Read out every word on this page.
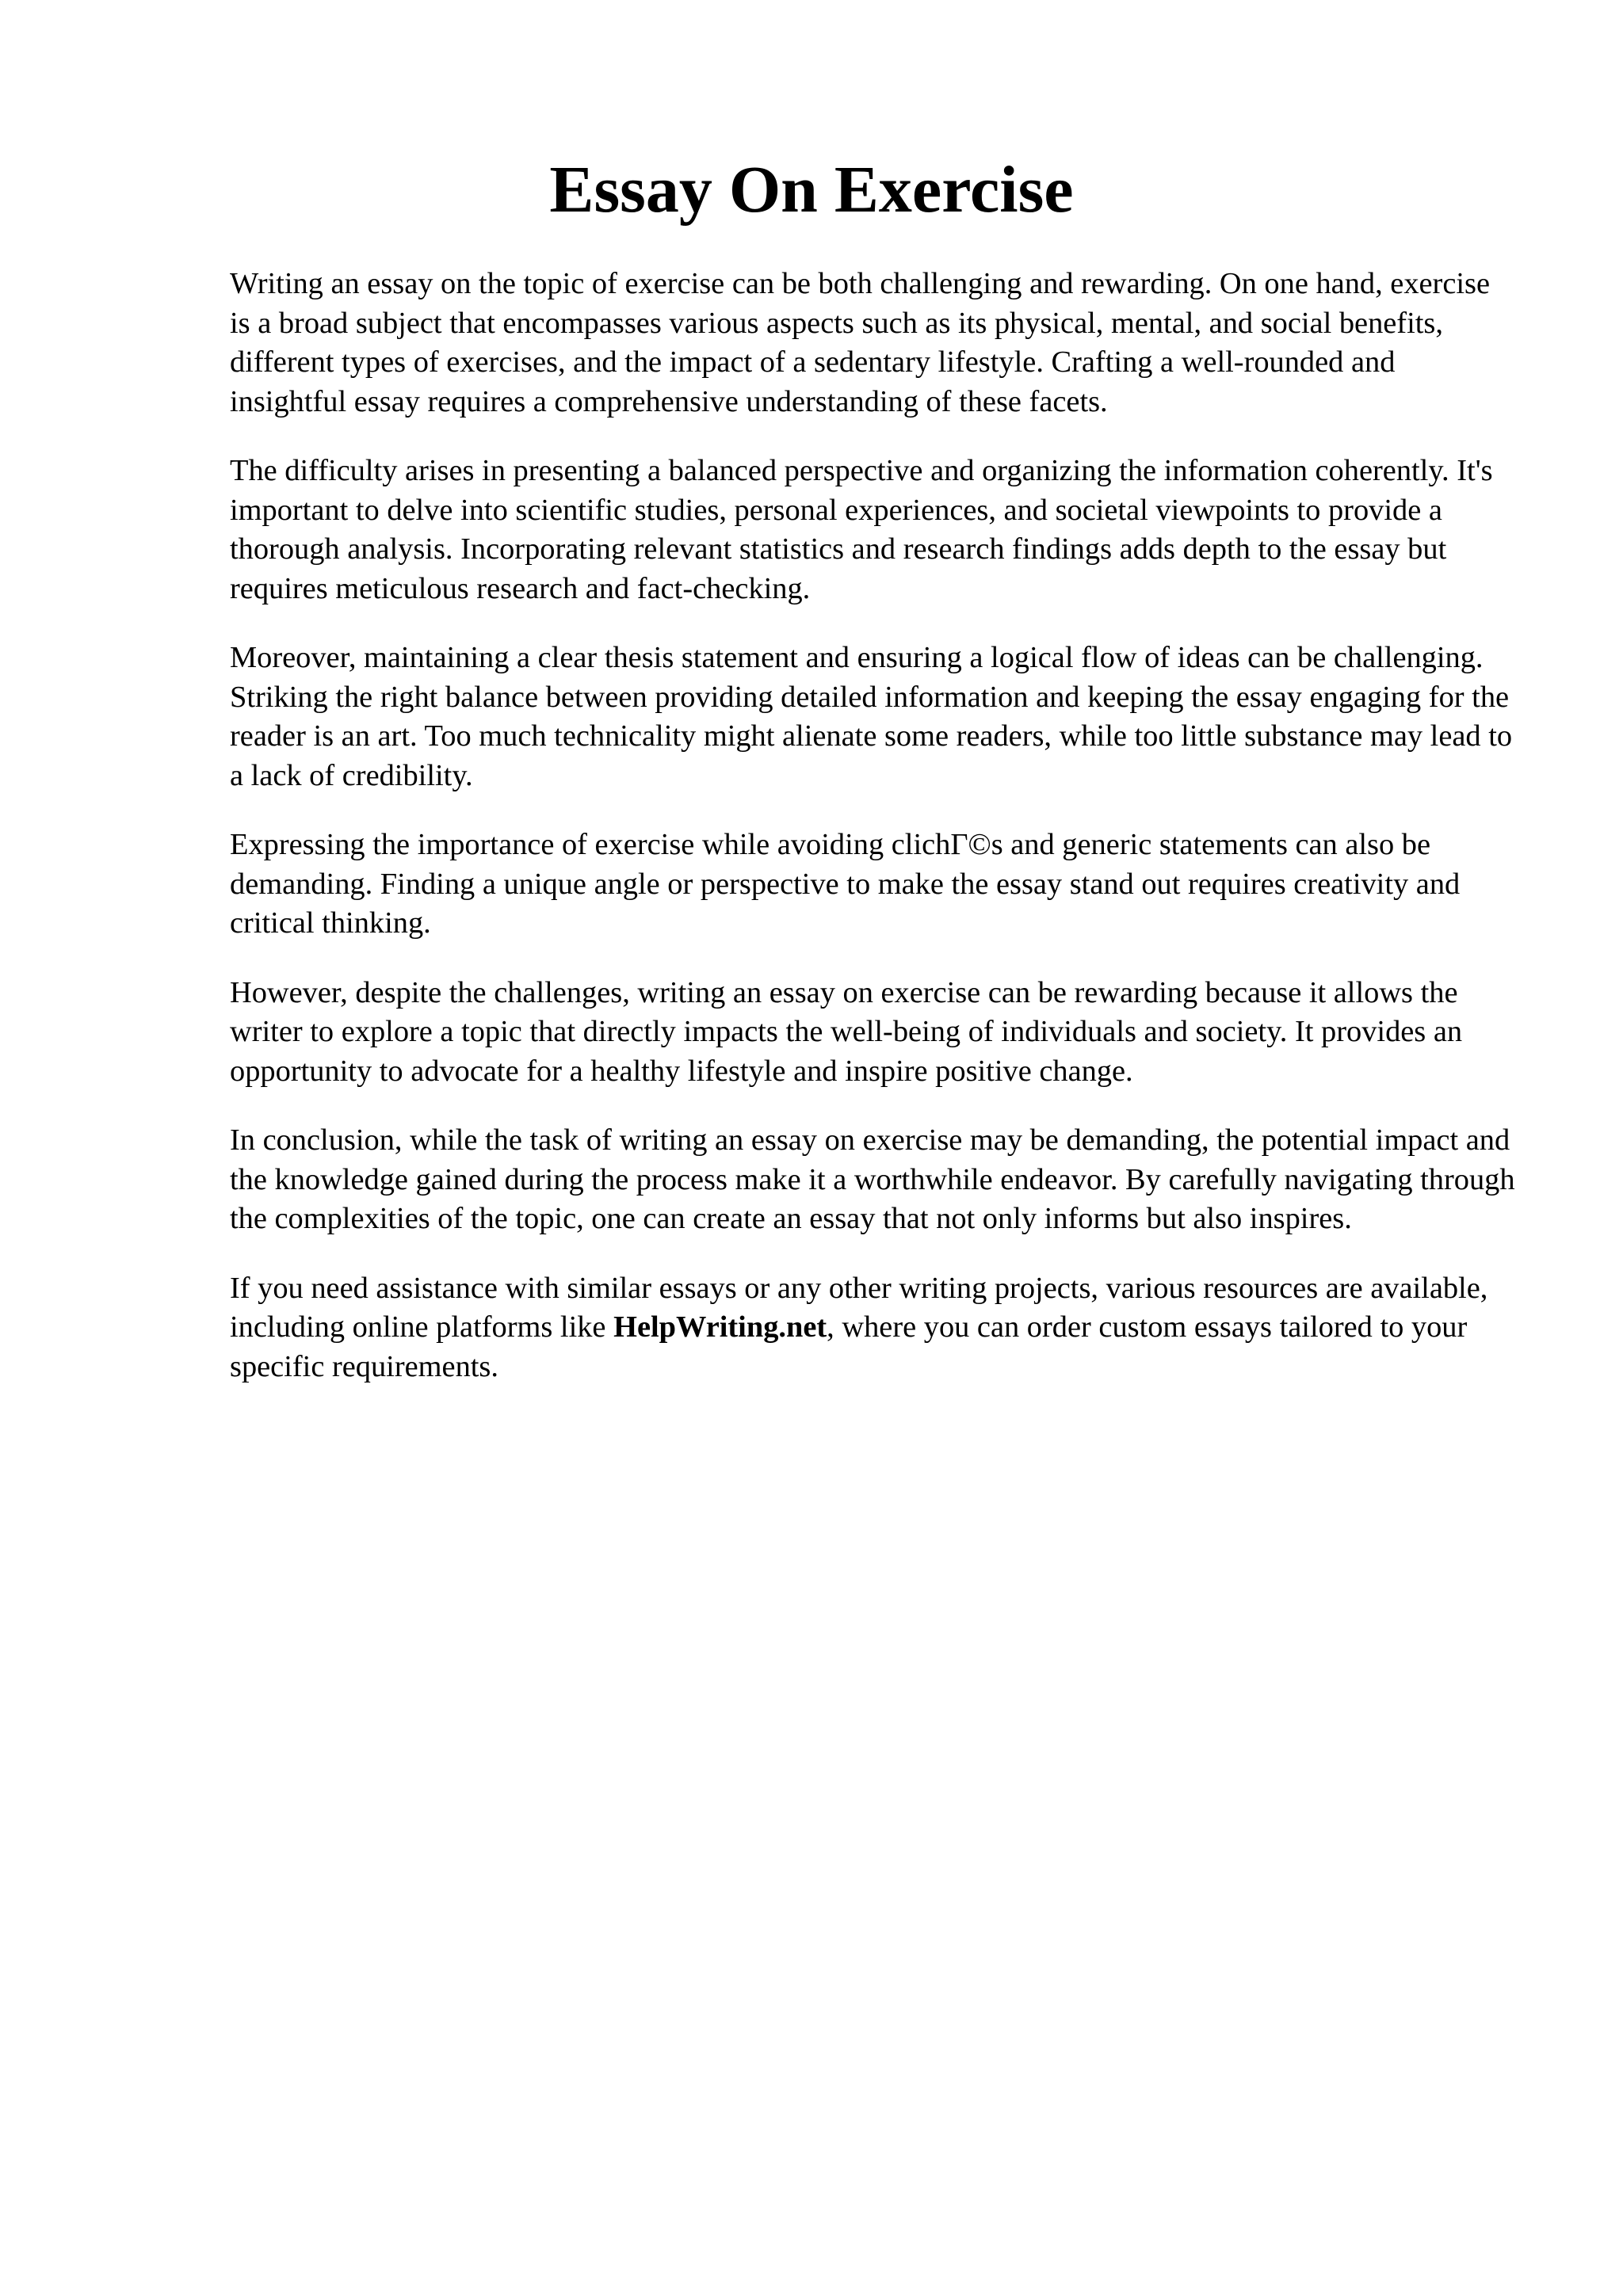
Essay On Exercise

Writing an essay on the topic of exercise can be both challenging and rewarding. On one hand, exercise is a broad subject that encompasses various aspects such as its physical, mental, and social benefits, different types of exercises, and the impact of a sedentary lifestyle. Crafting a well-rounded and insightful essay requires a comprehensive understanding of these facets.

The difficulty arises in presenting a balanced perspective and organizing the information coherently. It's important to delve into scientific studies, personal experiences, and societal viewpoints to provide a thorough analysis. Incorporating relevant statistics and research findings adds depth to the essay but requires meticulous research and fact-checking.

Moreover, maintaining a clear thesis statement and ensuring a logical flow of ideas can be challenging. Striking the right balance between providing detailed information and keeping the essay engaging for the reader is an art. Too much technicality might alienate some readers, while too little substance may lead to a lack of credibility.

Expressing the importance of exercise while avoiding clichΓ©s and generic statements can also be demanding. Finding a unique angle or perspective to make the essay stand out requires creativity and critical thinking.

However, despite the challenges, writing an essay on exercise can be rewarding because it allows the writer to explore a topic that directly impacts the well-being of individuals and society. It provides an opportunity to advocate for a healthy lifestyle and inspire positive change.

In conclusion, while the task of writing an essay on exercise may be demanding, the potential impact and the knowledge gained during the process make it a worthwhile endeavor. By carefully navigating through the complexities of the topic, one can create an essay that not only informs but also inspires.

If you need assistance with similar essays or any other writing projects, various resources are available, including online platforms like HelpWriting.net, where you can order custom essays tailored to your specific requirements.
